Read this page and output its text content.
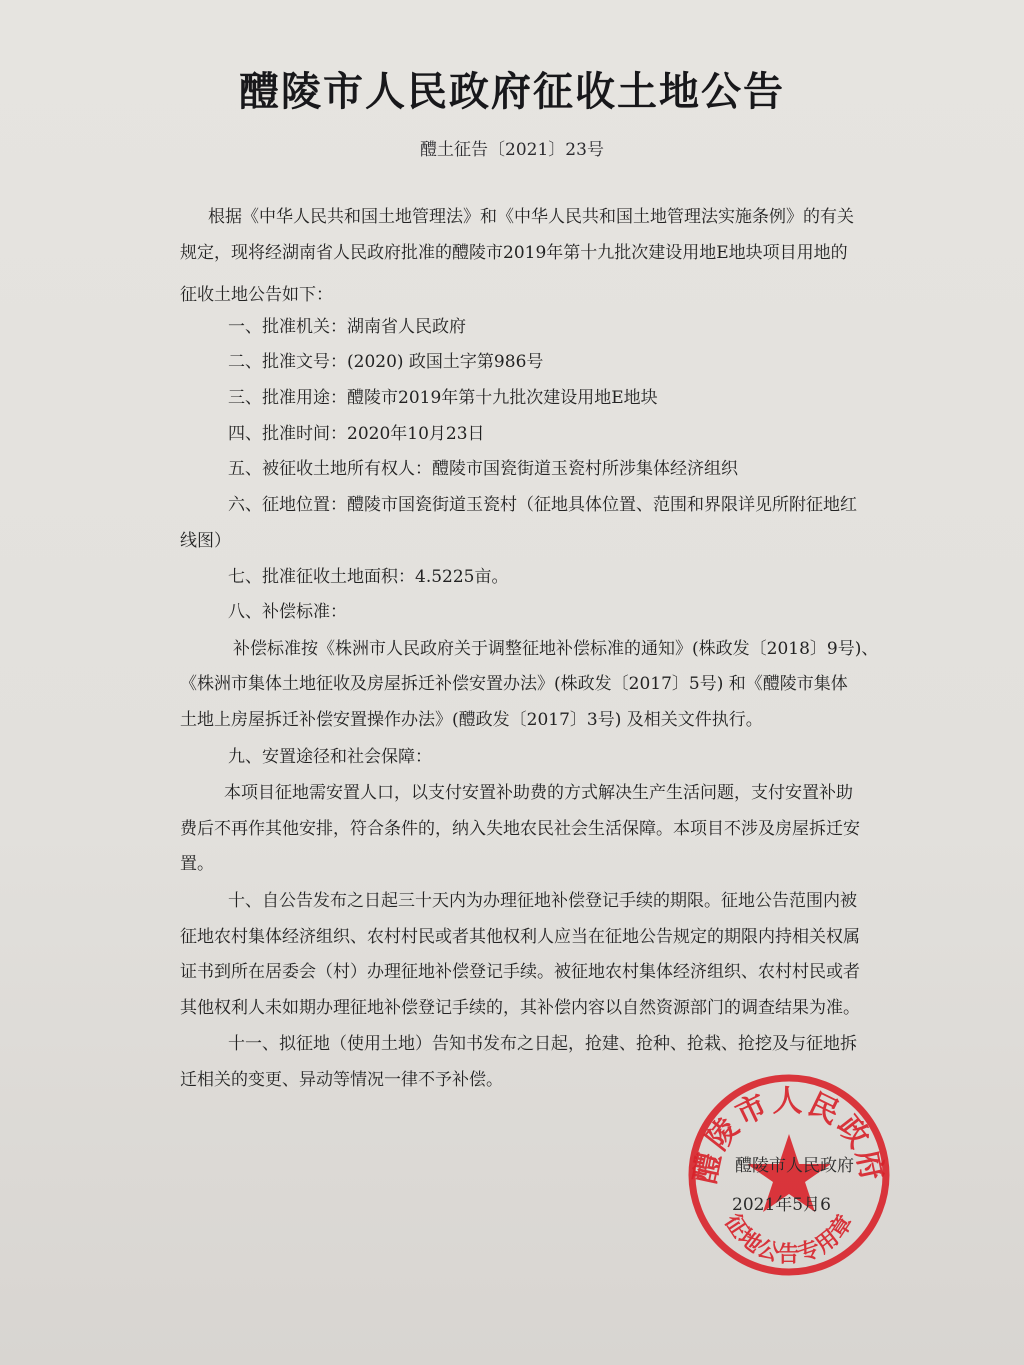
醴陵市人民政府征收土地公告
醴土征告〔2021〕23号
根据《中华人民共和国土地管理法》和《中华人民共和国土地管理法实施条例》的有关
规定，现将经湖南省人民政府批准的醴陵市2019年第十九批次建设用地E地块项目用地的
征收土地公告如下：
一、批准机关：湖南省人民政府
二、批准文号：(2020) 政国土字第986号
三、批准用途：醴陵市2019年第十九批次建设用地E地块
四、批准时间：2020年10月23日
五、被征收土地所有权人：醴陵市国瓷街道玉瓷村所涉集体经济组织
六、征地位置：醴陵市国瓷街道玉瓷村（征地具体位置、范围和界限详见所附征地红
线图）
七、批准征收土地面积：4.5225亩。
八、补偿标准：
补偿标准按《株洲市人民政府关于调整征地补偿标准的通知》(株政发〔2018〕9号)、
《株洲市集体土地征收及房屋拆迁补偿安置办法》(株政发〔2017〕5号) 和《醴陵市集体
土地上房屋拆迁补偿安置操作办法》(醴政发〔2017〕3号) 及相关文件执行。
九、安置途径和社会保障：
本项目征地需安置人口，以支付安置补助费的方式解决生产生活问题，支付安置补助
费后不再作其他安排，符合条件的，纳入失地农民社会生活保障。本项目不涉及房屋拆迁安
置。
十、自公告发布之日起三十天内为办理征地补偿登记手续的期限。征地公告范围内被
征地农村集体经济组织、农村村民或者其他权利人应当在征地公告规定的期限内持相关权属
证书到所在居委会（村）办理征地补偿登记手续。被征地农村集体经济组织、农村村民或者
其他权利人未如期办理征地补偿登记手续的，其补偿内容以自然资源部门的调查结果为准。
十一、拟征地（使用土地）告知书发布之日起，抢建、抢种、抢栽、抢挖及与征地拆
迁相关的变更、异动等情况一律不予补偿。
醴陵市人民政府
征地公告专用章
醴陵市人民政府
2021年5月6
